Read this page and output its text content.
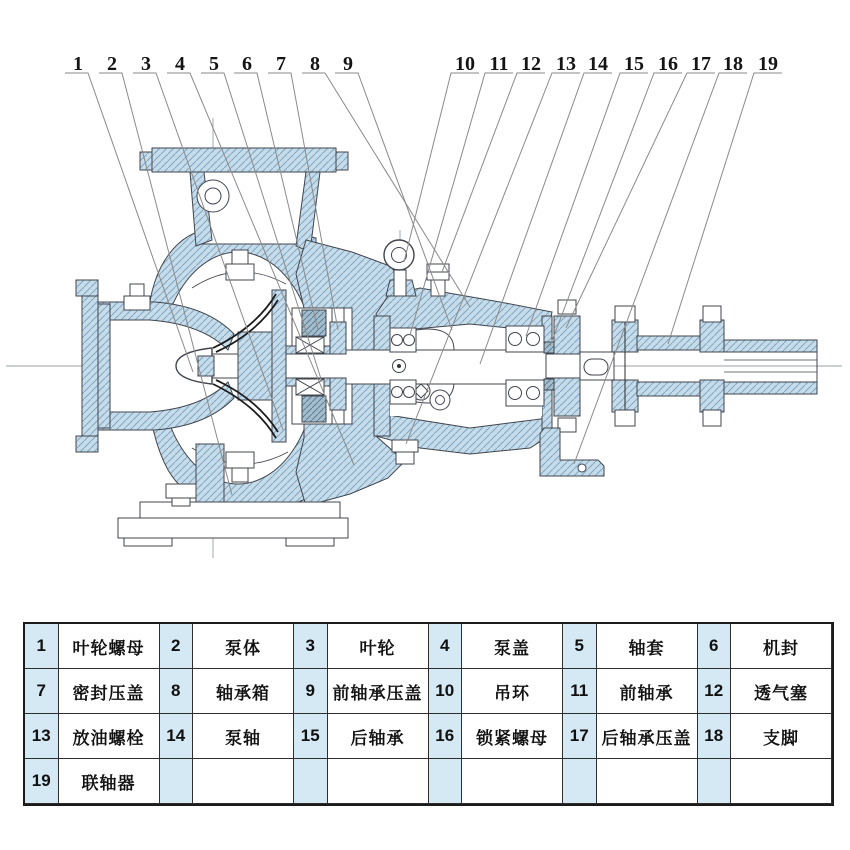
1 2 3 4 5 6 7 8 9	10 11 12 13 14 15 16 17 18 19
1	叶轮螺母	2	泵体	3	叶轮	4	泵盖	5	轴套	6	机封
7	密封压盖	8	轴承箱	9	前轴承压盖 10	吊环	11	前轴承	12	透气塞
13	放油螺栓	14	泵轴	15	后轴承	16	锁紧螺母	17 后轴承压盖 18	支脚
19	联轴器
